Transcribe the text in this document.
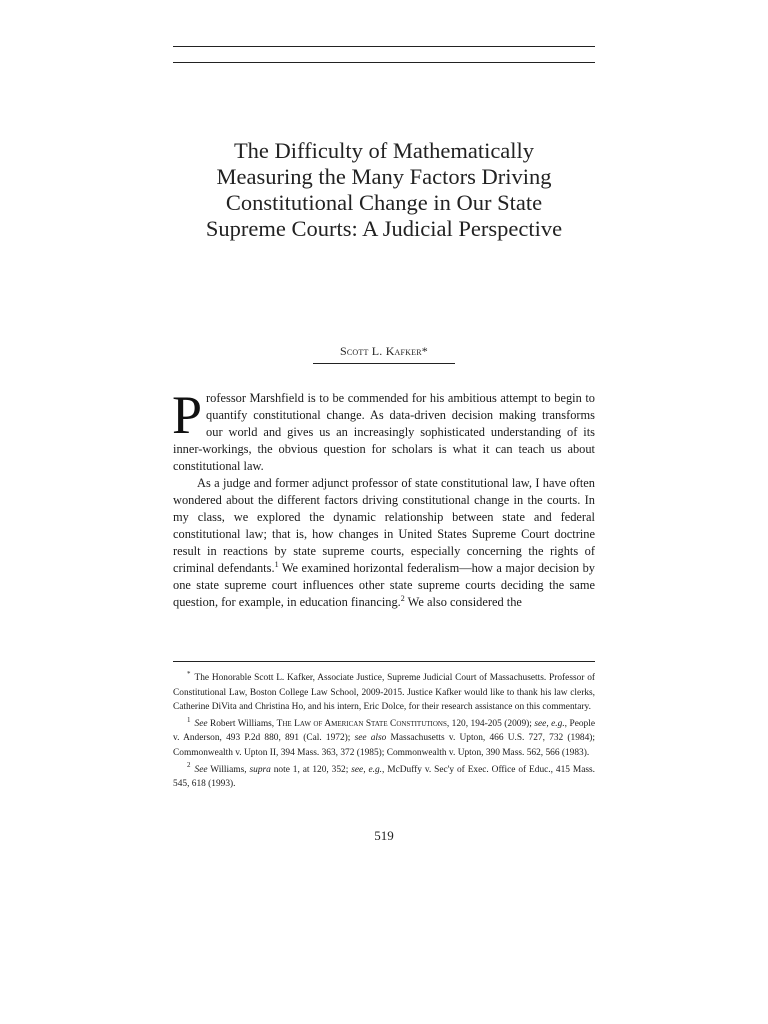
The Difficulty of Mathematically
Measuring the Many Factors Driving
Constitutional Change in Our State
Supreme Courts: A Judicial Perspective
Scott L. Kafker*

Professor Marshfield is to be commended for his ambitious attempt to begin to quantify constitutional change. As data-driven decision making transforms our world and gives us an increasingly sophisticated understanding of its inner-workings, the obvious question for scholars is what it can teach us about constitutional law.

As a judge and former adjunct professor of state constitutional law, I have often wondered about the different factors driving constitutional change in the courts. In my class, we explored the dynamic relationship between state and federal constitutional law; that is, how changes in United States Supreme Court doctrine result in reactions by state supreme courts, especially concerning the rights of criminal defendants.$^1$ We examined horizontal federalism—how a major decision by one state supreme court influences other state supreme courts deciding the same question, for example, in education financing.$^2$ We also considered the

* The Honorable Scott L. Kafker, Associate Justice, Supreme Judicial Court of Massachusetts. Professor of Constitutional Law, Boston College Law School, 2009-2015. Justice Kafker would like to thank his law clerks, Catherine DiVita and Christina Ho, and his intern, Eric Dolce, for their research assistance on this commentary.

$^1$ See Robert Williams, The Law of American State Constitutions, 120, 194-205 (2009); see, e.g., People v. Anderson, 493 P.2d 880, 891 (Cal. 1972); see also Massachusetts v. Upton, 466 U.S. 727, 732 (1984); Commonwealth v. Upton II, 394 Mass. 363, 372 (1985); Commonwealth v. Upton, 390 Mass. 562, 566 (1983).

$^2$ See Williams, supra note 1, at 120, 352; see, e.g., McDuffy v. Sec'y of Exec. Office of Educ., 415 Mass. 545, 618 (1993).

519
